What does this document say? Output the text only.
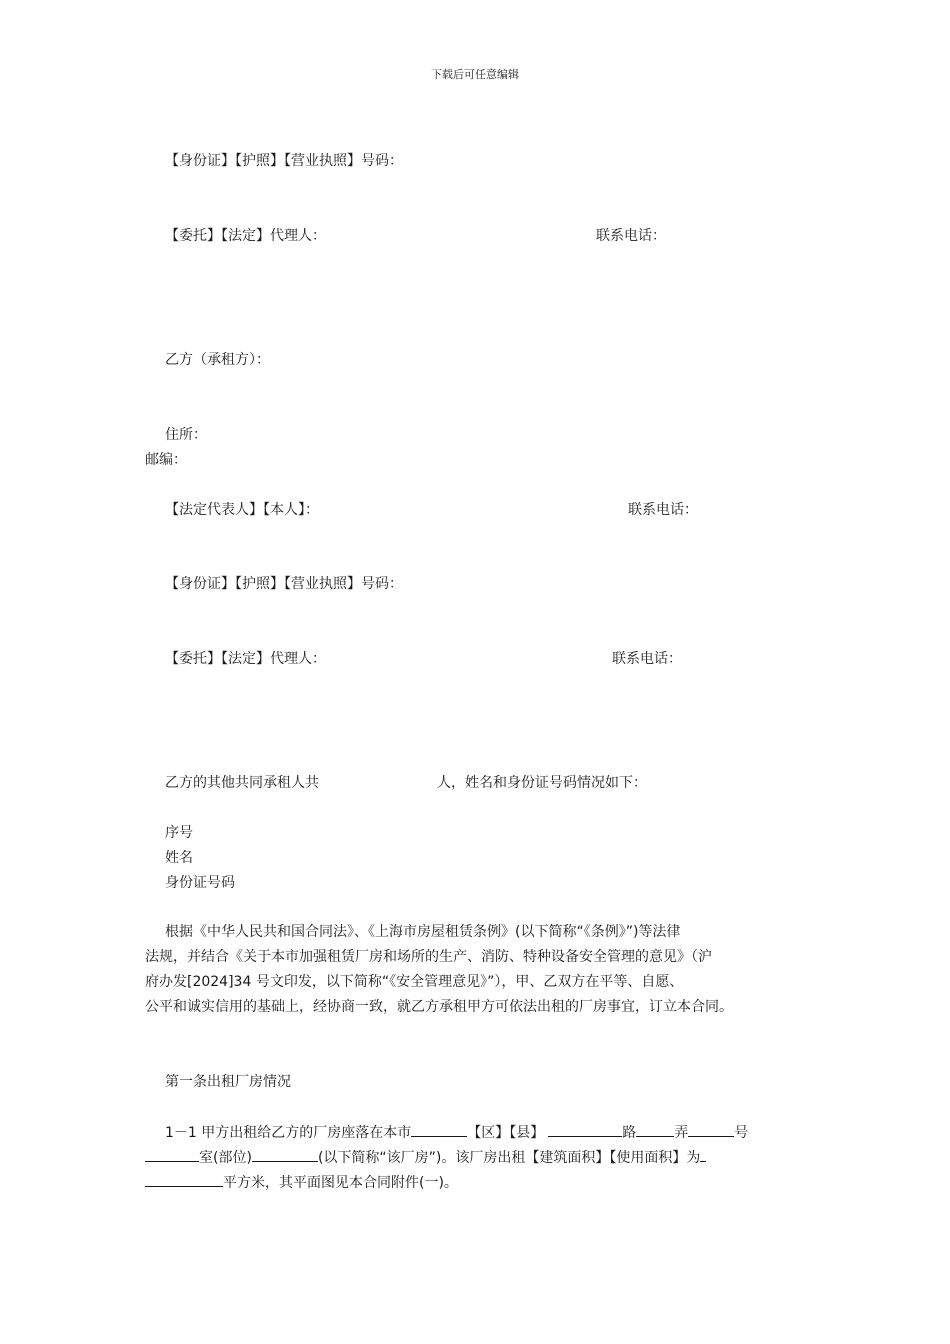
下载后可任意编辑
【身份证】【护照】【营业执照】号码：
【委托】【法定】代理人：	联系电话：
乙方（承租方）：
住所：
邮编：
【法定代表人】【本人】：	联系电话：
【身份证】【护照】【营业执照】号码：
【委托】【法定】代理人：	联系电话：
乙方的其他共同承租人共	人，姓名和身份证号码情况如下：
序号
姓名
身份证号码
根据《中华人民共和国合同法》、《上海市房屋租赁条例》(以下简称“《条例》”)等法律
法规，并结合《关于本市加强租赁厂房和场所的生产、消防、特种设备安全管理的意见》（沪
府办发[2024]34 号文印发，以下简称“《安全管理意见》”），甲、乙双方在平等、自愿、
公平和诚实信用的基础上，经协商一致，就乙方承租甲方可依法出租的厂房事宜，订立本合同。
第一条出租厂房情况
1－1 甲方出租给乙方的厂房座落在本市	【区】【县】	路	弄	号
室(部位)	(以下简称“该厂房”)。该厂房出租【建筑面积】【使用面积】为
平方米，其平面图见本合同附件(一)。
